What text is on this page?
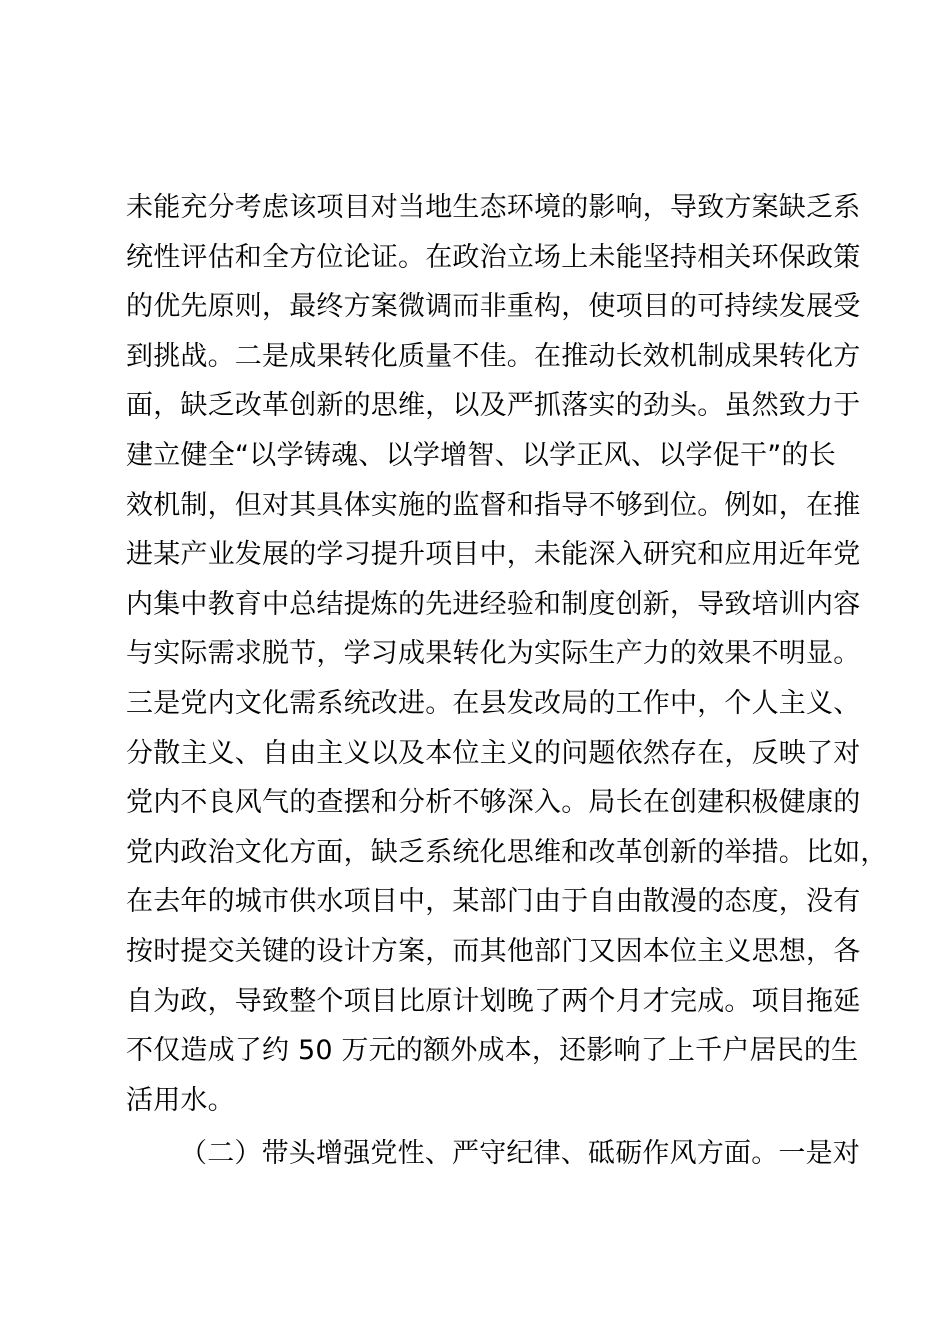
未能充分考虑该项目对当地生态环境的影响，导致方案缺乏系
统性评估和全方位论证。在政治立场上未能坚持相关环保政策
的优先原则，最终方案微调而非重构，使项目的可持续发展受
到挑战。二是成果转化质量不佳。在推动长效机制成果转化方
面，缺乏改革创新的思维，以及严抓落实的劲头。虽然致力于
建立健全“以学铸魂、以学增智、以学正风、以学促干”的长
效机制，但对其具体实施的监督和指导不够到位。例如，在推
进某产业发展的学习提升项目中，未能深入研究和应用近年党
内集中教育中总结提炼的先进经验和制度创新，导致培训内容
与实际需求脱节，学习成果转化为实际生产力的效果不明显。
三是党内文化需系统改进。在县发改局的工作中，个人主义、
分散主义、自由主义以及本位主义的问题依然存在，反映了对
党内不良风气的查摆和分析不够深入。局长在创建积极健康的
党内政治文化方面，缺乏系统化思维和改革创新的举措。比如，
在去年的城市供水项目中，某部门由于自由散漫的态度，没有
按时提交关键的设计方案，而其他部门又因本位主义思想，各
自为政，导致整个项目比原计划晚了两个月才完成。项目拖延
不仅造成了约 50 万元的额外成本，还影响了上千户居民的生
活用水。
（二）带头增强党性、严守纪律、砥砺作风方面。一是对
